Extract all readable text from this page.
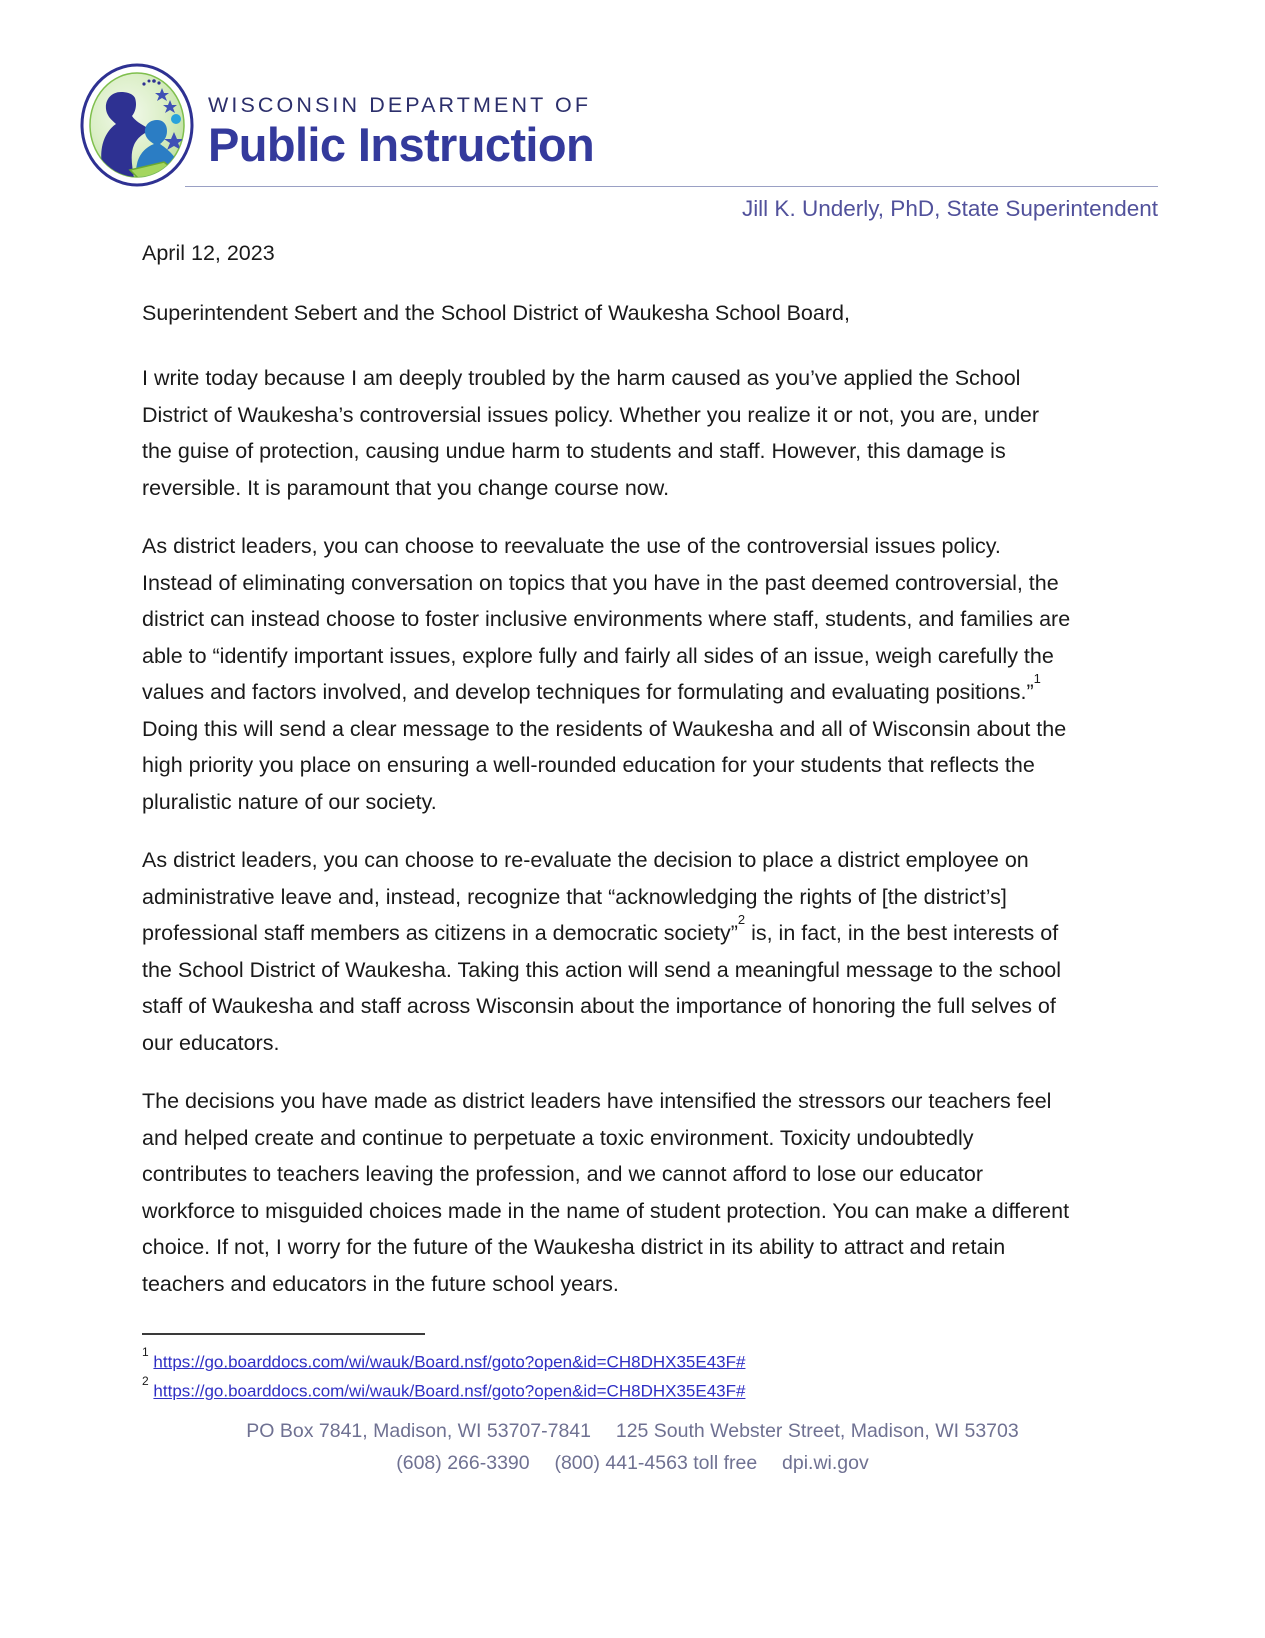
WISCONSIN DEPARTMENT OF
Public Instruction
Jill K. Underly, PhD, State Superintendent
April 12, 2023
Superintendent Sebert and the School District of Waukesha School Board,

I write today because I am deeply troubled by the harm caused as you’ve applied the School District of Waukesha’s controversial issues policy. Whether you realize it or not, you are, under the guise of protection, causing undue harm to students and staff. However, this damage is reversible. It is paramount that you change course now.

As district leaders, you can choose to reevaluate the use of the controversial issues policy. Instead of eliminating conversation on topics that you have in the past deemed controversial, the district can instead choose to foster inclusive environments where staff, students, and families are able to “identify important issues, explore fully and fairly all sides of an issue, weigh carefully the values and factors involved, and develop techniques for formulating and evaluating positions.”$^1$ Doing this will send a clear message to the residents of Waukesha and all of Wisconsin about the high priority you place on ensuring a well-rounded education for your students that reflects the pluralistic nature of our society.

As district leaders, you can choose to re-evaluate the decision to place a district employee on administrative leave and, instead, recognize that “acknowledging the rights of [the district’s] professional staff members as citizens in a democratic society”$^2$ is, in fact, in the best interests of the School District of Waukesha. Taking this action will send a meaningful message to the school staff of Waukesha and staff across Wisconsin about the importance of honoring the full selves of our educators.

The decisions you have made as district leaders have intensified the stressors our teachers feel and helped create and continue to perpetuate a toxic environment. Toxicity undoubtedly contributes to teachers leaving the profession, and we cannot afford to lose our educator workforce to misguided choices made in the name of student protection. You can make a different choice. If not, I worry for the future of the Waukesha district in its ability to attract and retain teachers and educators in the future school years.

$^1$ https://go.boarddocs.com/wi/wauk/Board.nsf/goto?open&id=CH8DHX35E43F#
$^2$ https://go.boarddocs.com/wi/wauk/Board.nsf/goto?open&id=CH8DHX35E43F#
PO Box 7841, Madison, WI 53707-7841 125 South Webster Street, Madison, WI 53703
(608) 266-3390 (800) 441-4563 toll free dpi.wi.gov
